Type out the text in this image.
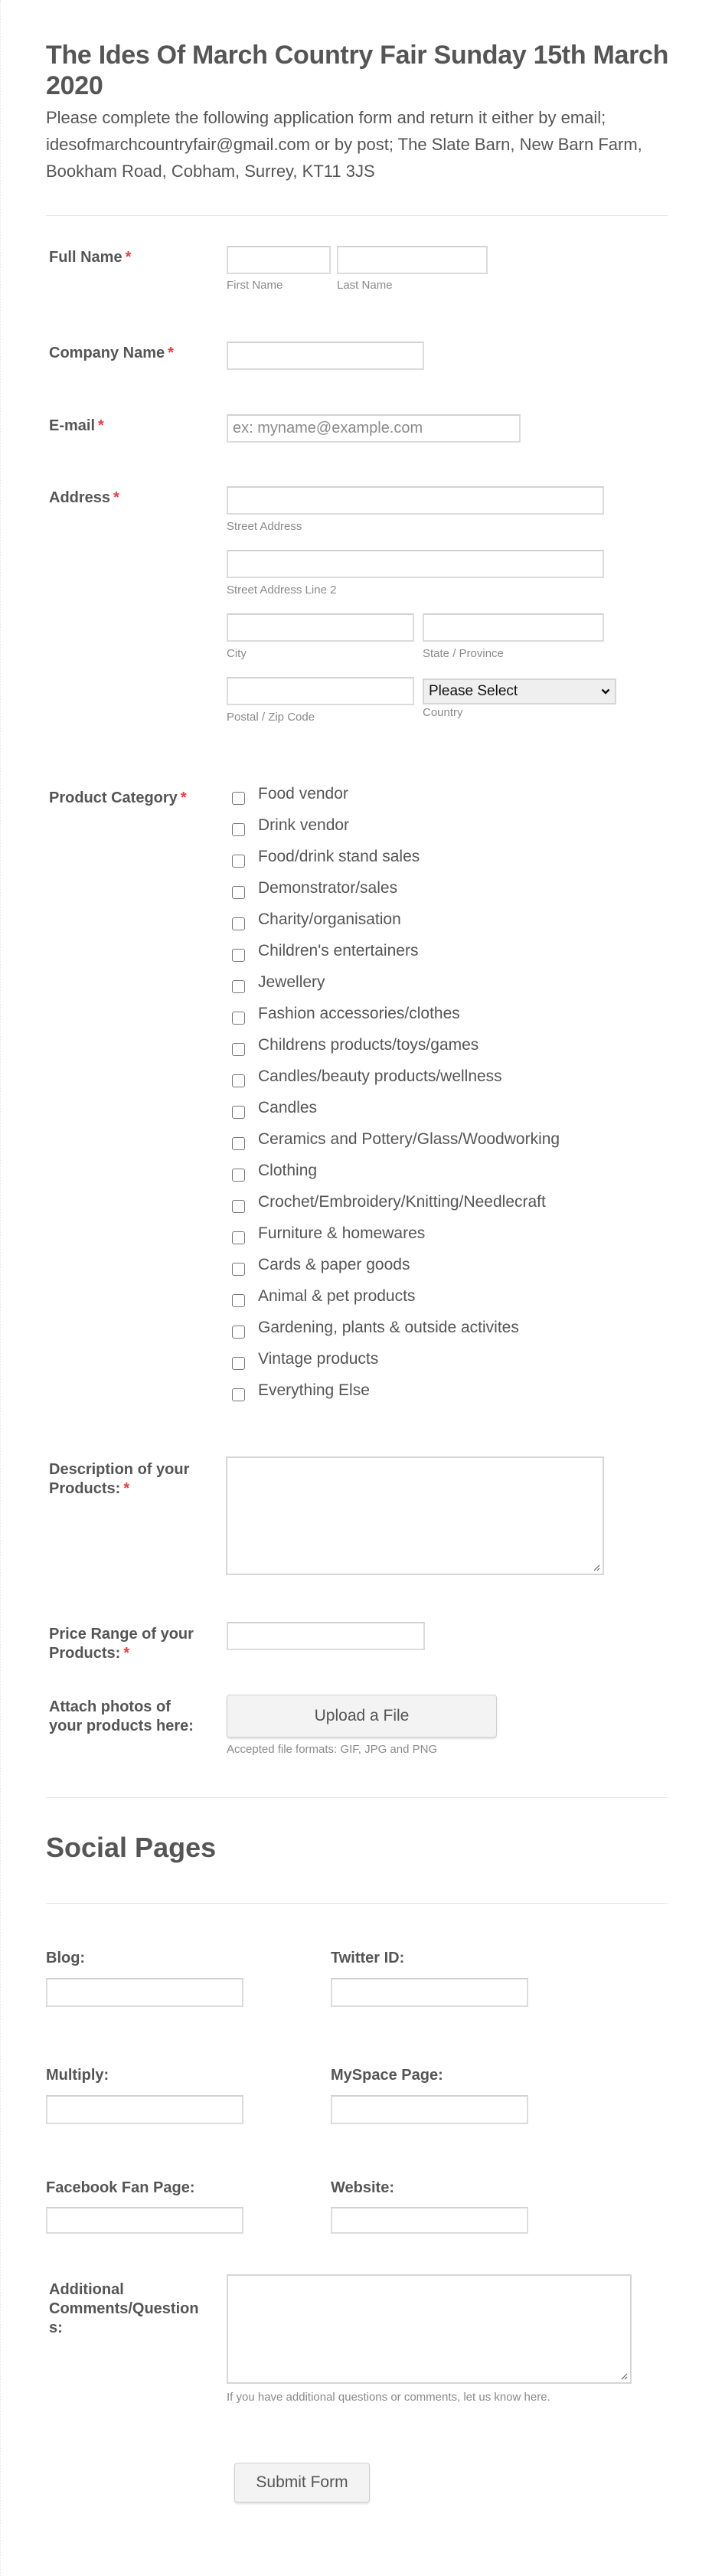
The Ides Of March Country Fair Sunday 15th March 2020
Please complete the following application form and return it either by email; idesofmarchcountryfair@gmail.com or by post; The Slate Barn, New Barn Farm, Bookham Road, Cobham, Surrey, KT11 3JS
Full Name *
First Name	Last Name
Company Name *
E-mail *
ex: myname@example.com
Address *
Street Address
Street Address Line 2
City	State / Province
Please Select
Postal / Zip Code	Country
Product Category *	Food vendor
Drink vendor
Food/drink stand sales
Demonstrator/sales
Charity/organisation
Children's entertainers
Jewellery
Fashion accessories/clothes
Childrens products/toys/games
Candles/beauty products/wellness
Candles
Ceramics and Pottery/Glass/Woodworking
Clothing
Crochet/Embroidery/Knitting/Needlecraft
Furniture & homewares
Cards & paper goods
Animal & pet products
Gardening, plants & outside activites
Vintage products
Everything Else
Description of your
Products: *
Price Range of your
Products: *
Attach photos of
your products here:
Upload a File
Accepted file formats: GIF, JPG and PNG
Social Pages
Blog:	Twitter ID:
Multiply:	MySpace Page:
Facebook Fan Page:	Website:
Additional
Comments/Question
s:
If you have additional questions or comments, let us know here.
Submit Form
